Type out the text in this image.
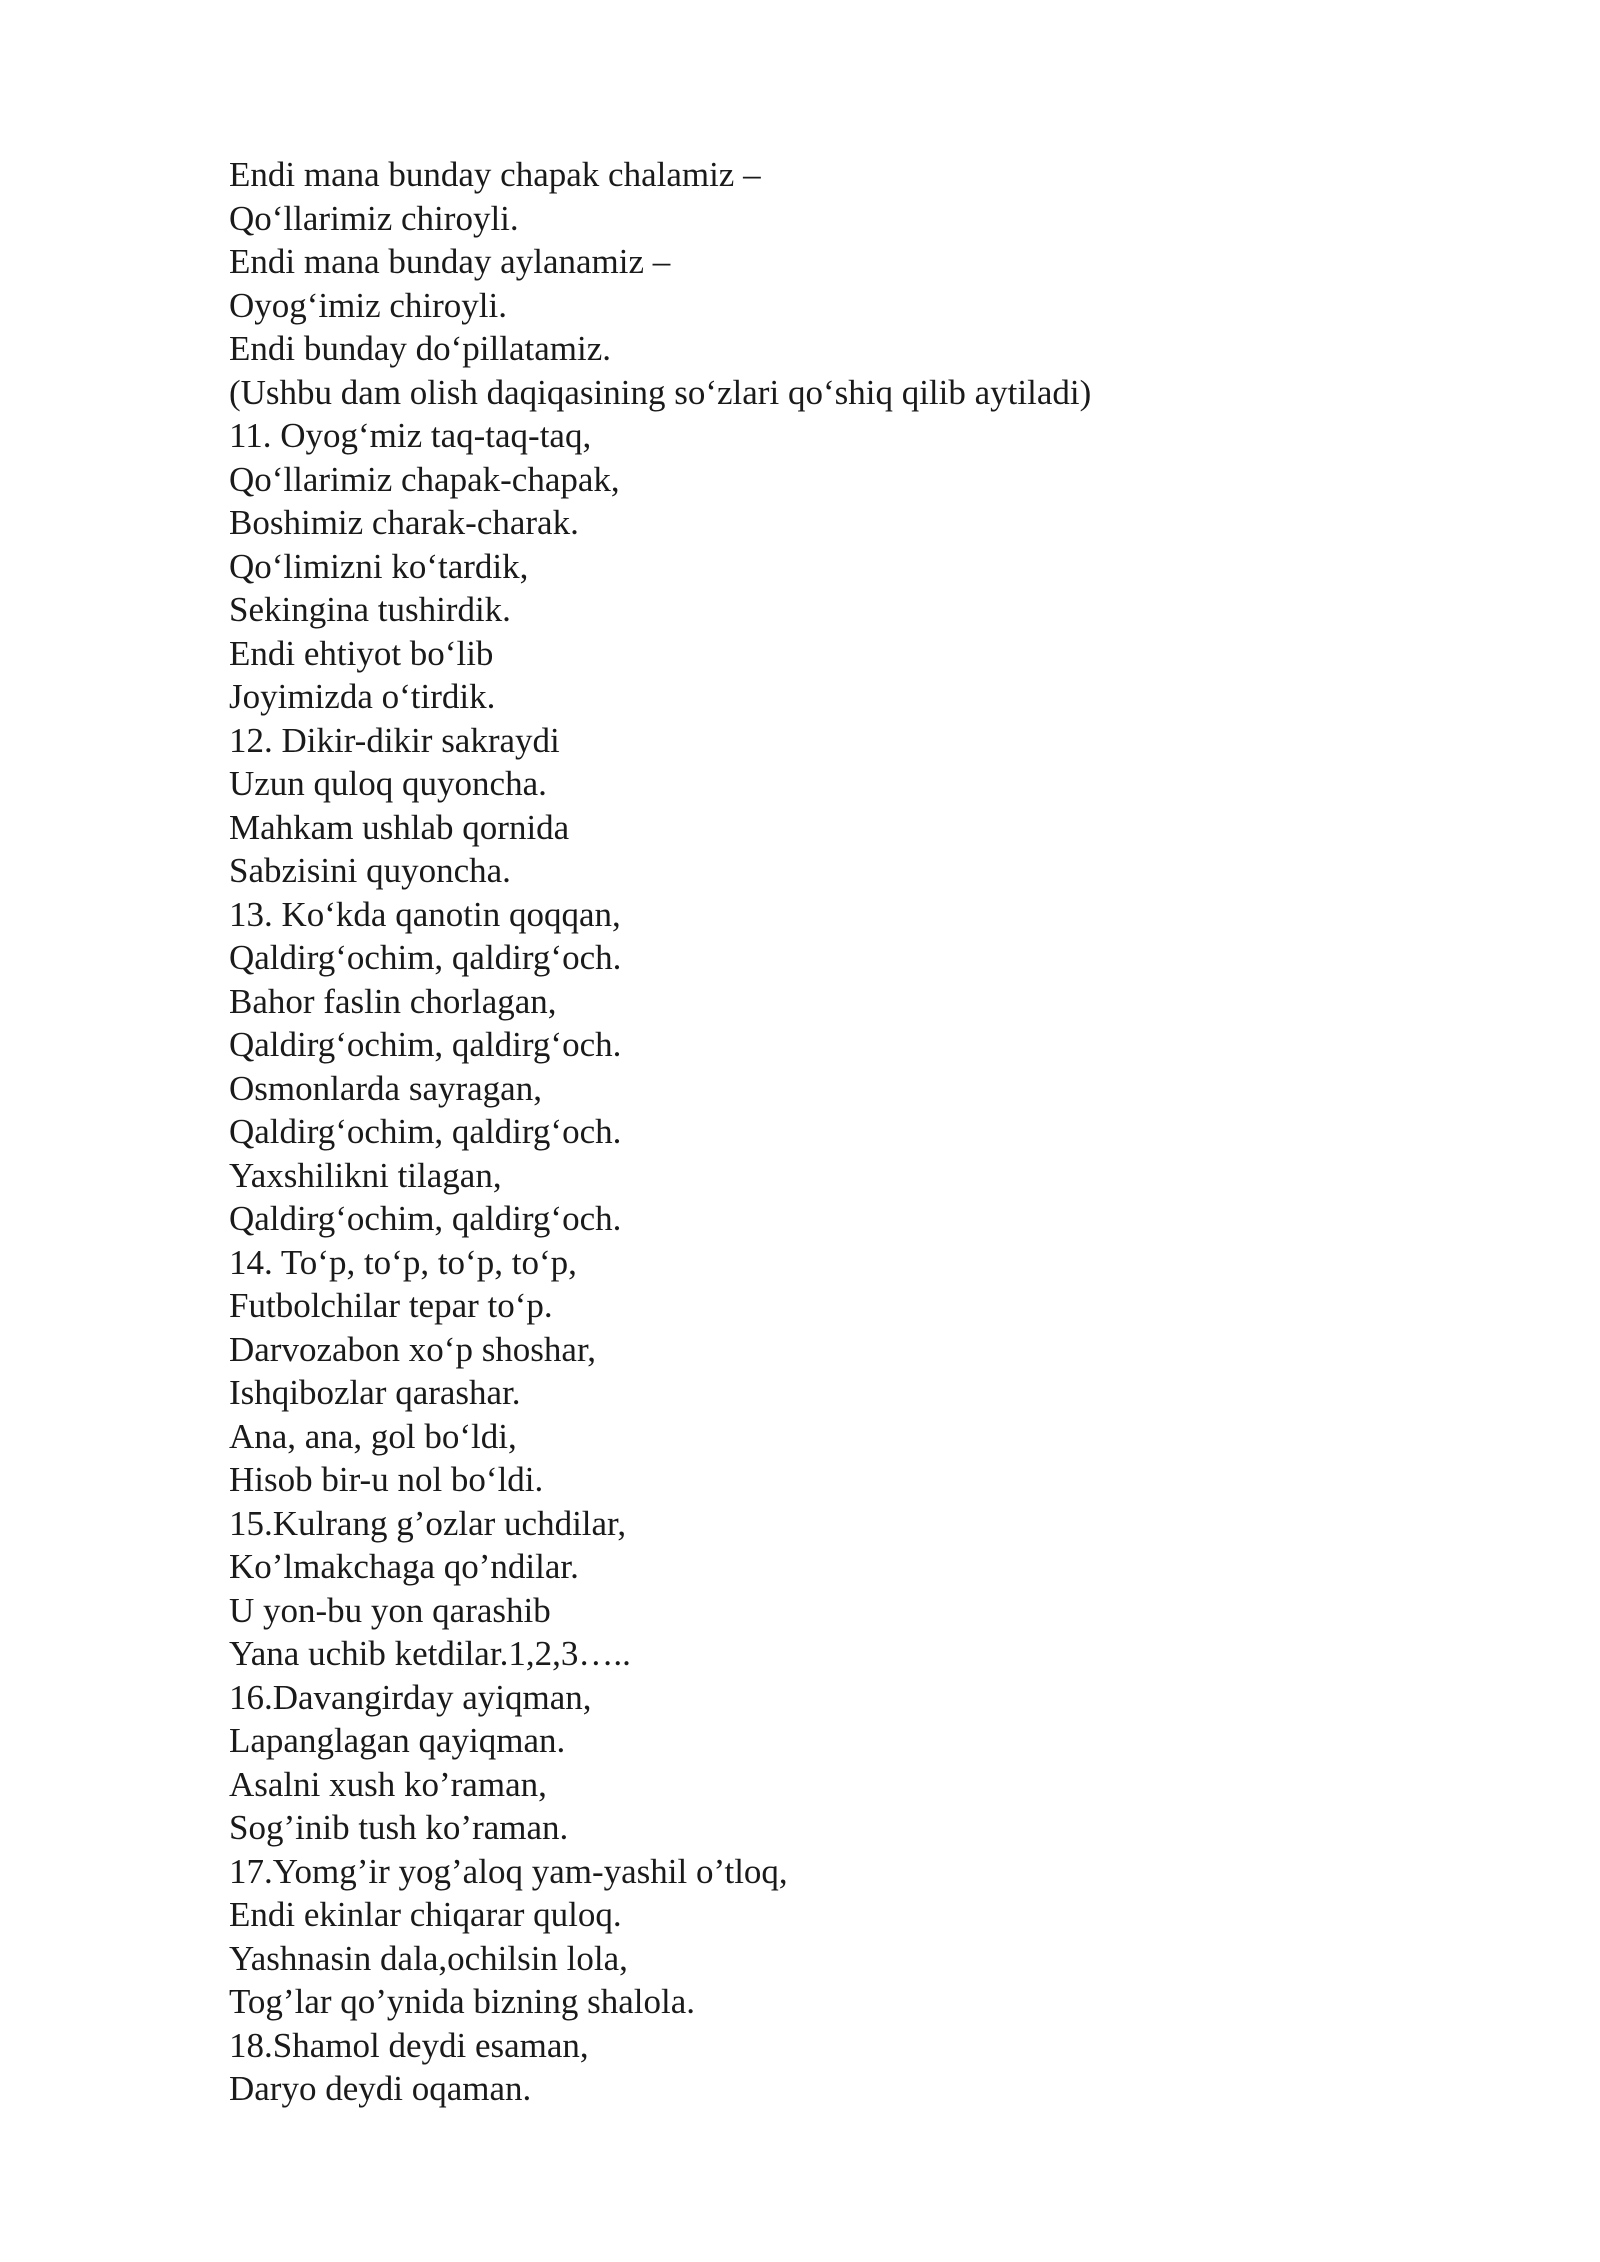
Endi mana bunday chapak chalamiz –
Qo‘llarimiz chiroyli.
Endi mana bunday aylanamiz –
Oyog‘imiz chiroyli.
Endi bunday do‘pillatamiz.
(Ushbu dam olish daqiqasining so‘zlari qo‘shiq qilib aytiladi)
11. Oyog‘miz taq-taq-taq,
Qo‘llarimiz chapak-chapak,
Boshimiz charak-charak.
Qo‘limizni ko‘tardik,
Sekingina tushirdik.
Endi ehtiyot bo‘lib
Joyimizda o‘tirdik.
12. Dikir-dikir sakraydi
Uzun quloq quyoncha.
Mahkam ushlab qornida
Sabzisini quyoncha.
13. Ko‘kda qanotin qoqqan,
Qaldirg‘ochim, qaldirg‘och.
Bahor faslin chorlagan,
Qaldirg‘ochim, qaldirg‘och.
Osmonlarda sayragan,
Qaldirg‘ochim, qaldirg‘och.
Yaxshilikni tilagan,
Qaldirg‘ochim, qaldirg‘och.
14. To‘p, to‘p, to‘p, to‘p,
Futbolchilar tepar to‘p.
Darvozabon xo‘p shoshar,
Ishqibozlar qarashar.
Ana, ana, gol bo‘ldi,
Hisob bir-u nol bo‘ldi.
15.Kulrang g’ozlar uchdilar,
Ko’lmakchaga qo’ndilar.
U yon-bu yon qarashib
Yana uchib ketdilar.1,2,3…..
16.Davangirday ayiqman,
Lapanglagan qayiqman.
Asalni xush ko’raman,
Sog’inib tush ko’raman.
17.Yomg’ir yog’aloq yam-yashil o’tloq,
Endi ekinlar chiqarar quloq.
Yashnasin dala,ochilsin lola,
Tog’lar qo’ynida bizning shalola.
18.Shamol deydi esaman,
Daryo deydi oqaman.
